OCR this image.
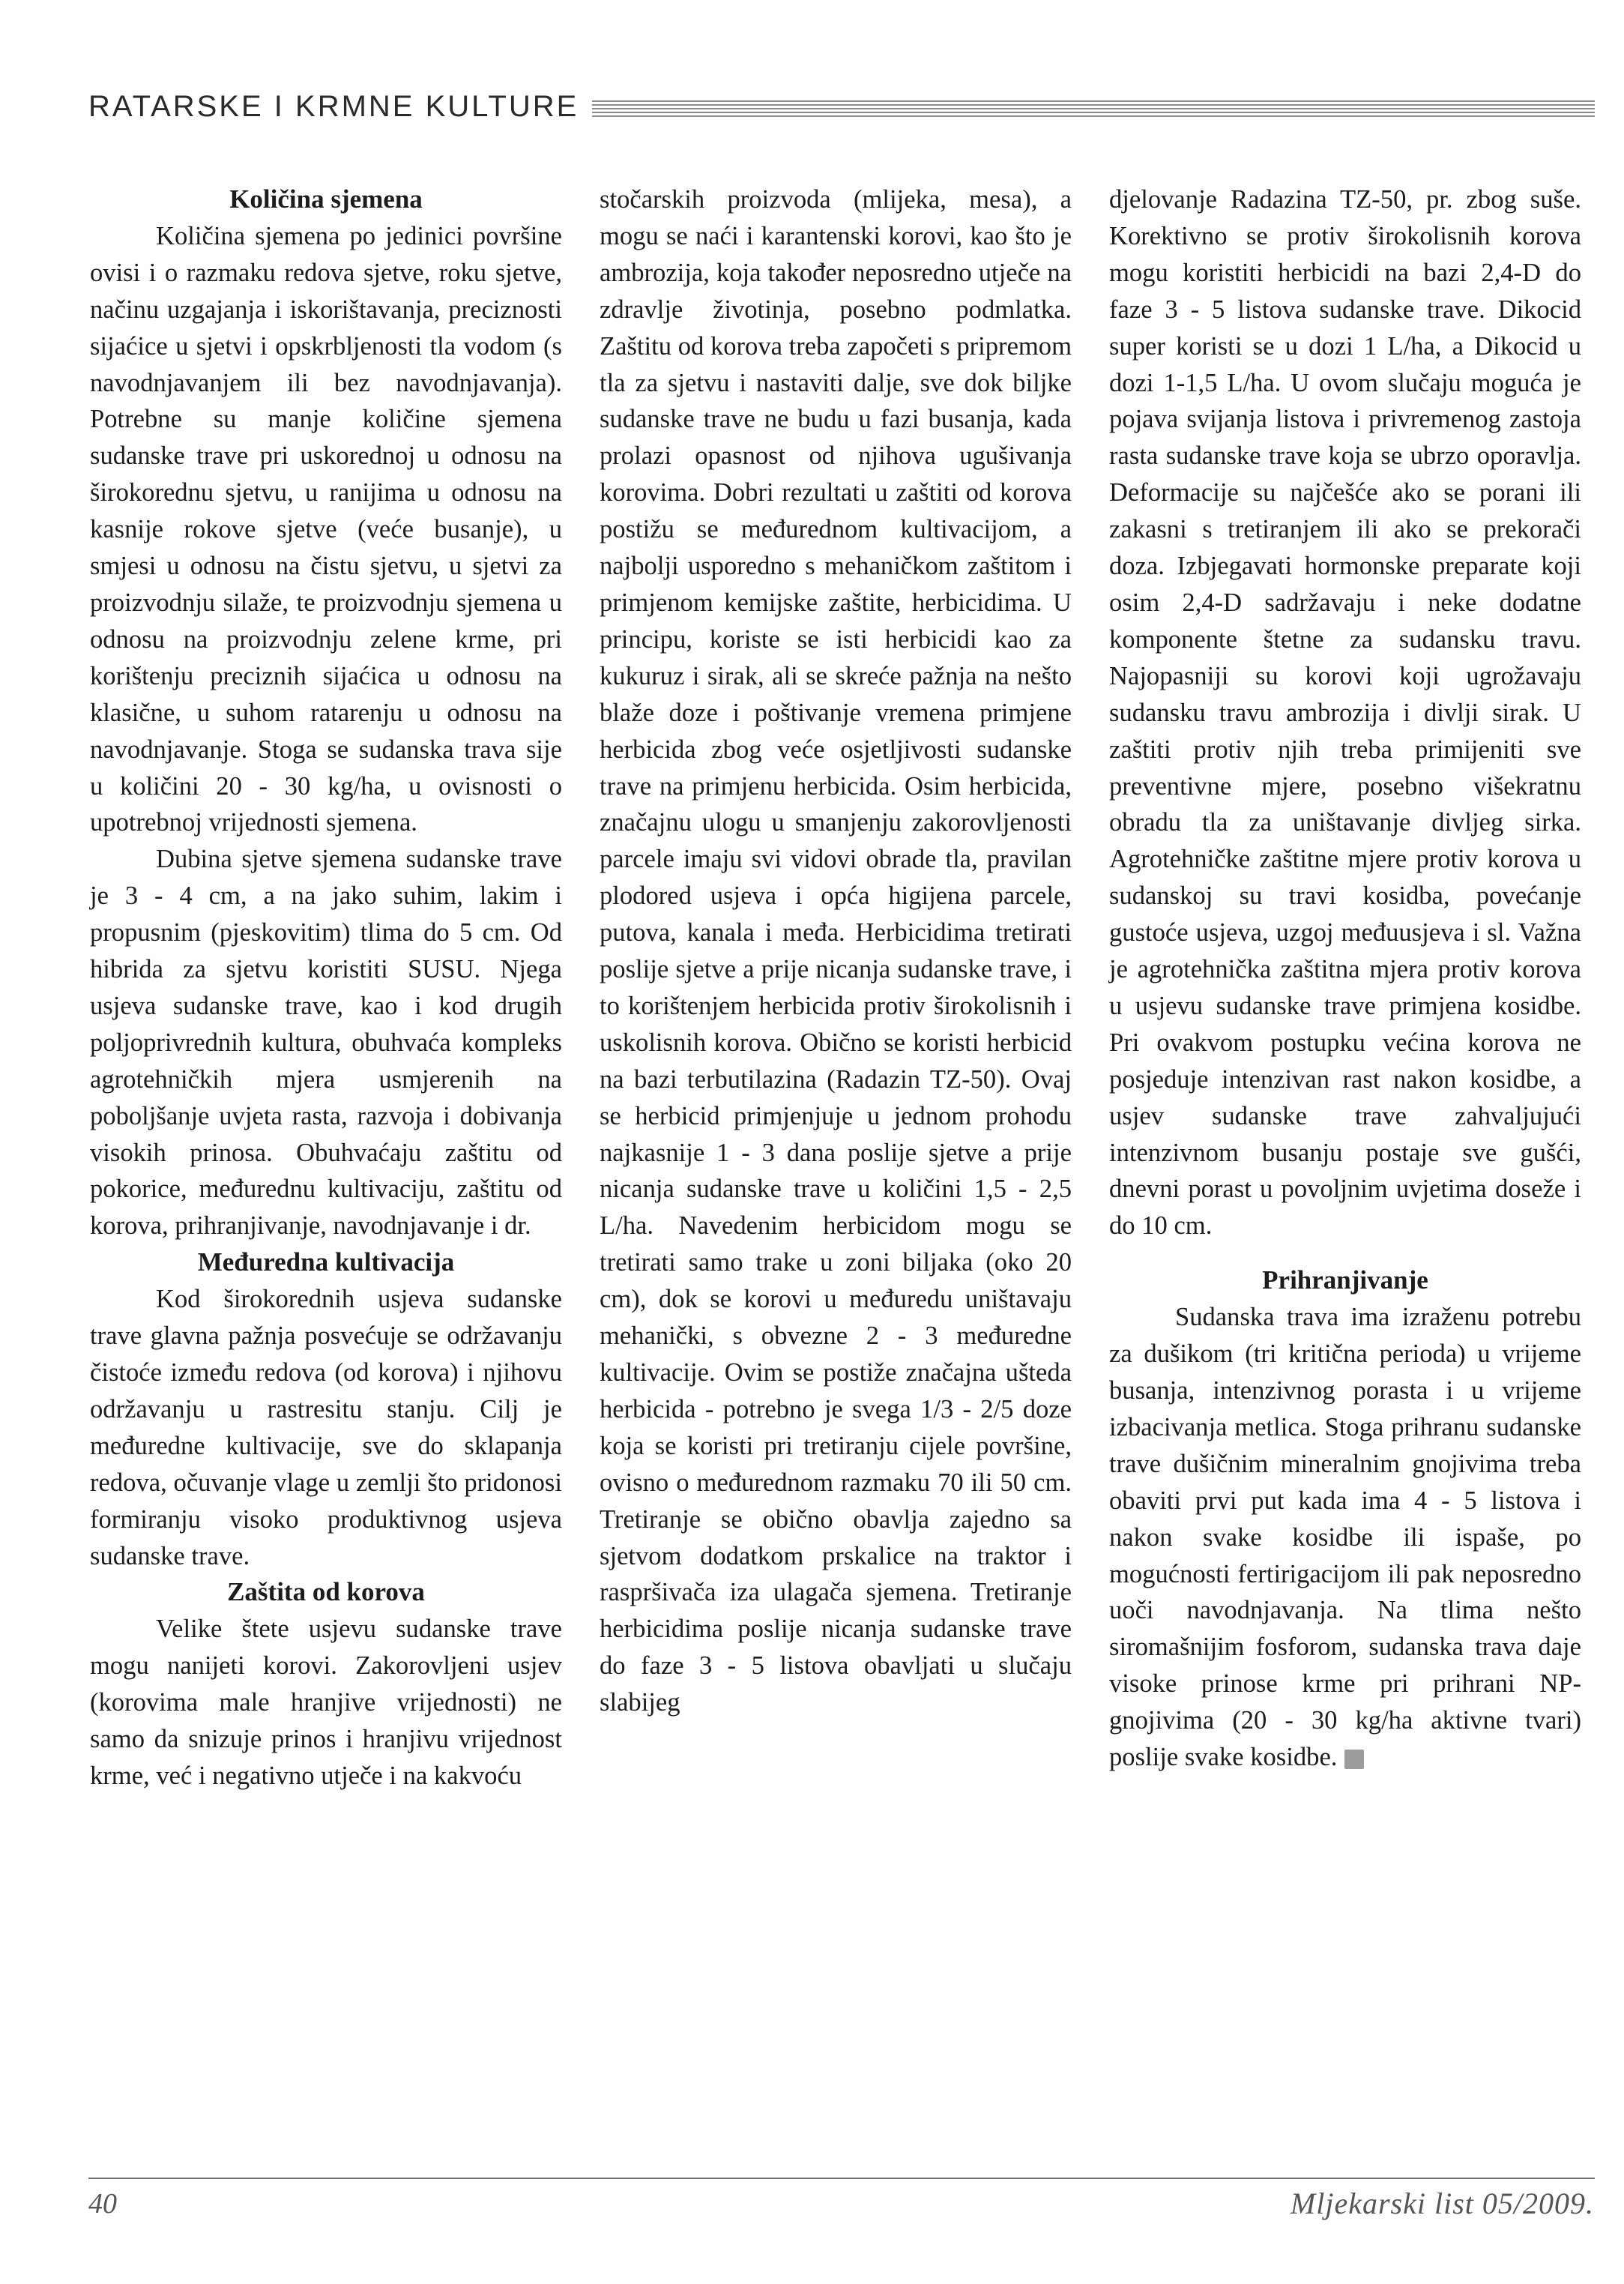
RATARSKE I KRMNE KULTURE
Količina sjemena

Količina sjemena po jedinici površine ovisi i o razmaku redova sjetve, roku sjetve, načinu uzgajanja i iskorištavanja, preciznosti sijaćice u sjetvi i opskrbljenosti tla vodom (s navodnjavanjem ili bez navodnjavanja). Potrebne su manje količine sjemena sudanske trave pri uskorednoj u odnosu na širokorednu sjetvu, u ranijima u odnosu na kasnije rokove sjetve (veće busanje), u smjesi u odnosu na čistu sjetvu, u sjetvi za proizvodnju silaže, te proizvodnju sjemena u odnosu na proizvodnju zelene krme, pri korištenju preciznih sijaćica u odnosu na klasične, u suhom ratarenju u odnosu na navodnjavanje. Stoga se sudanska trava sije u količini 20 - 30 kg/ha, u ovisnosti o upotrebnoj vrijednosti sjemena.

Dubina sjetve sjemena sudanske trave je 3 - 4 cm, a na jako suhim, lakim i propusnim (pjeskovitim) tlima do 5 cm. Od hibrida za sjetvu koristiti SUSU. Njega usjeva sudanske trave, kao i kod drugih poljoprivrednih kultura, obuhvaća kompleks agrotehničkih mjera usmjerenih na poboljšanje uvjeta rasta, razvoja i dobivanja visokih prinosa. Obuhvaćaju zaštitu od pokorice, međurednu kultivaciju, zaštitu od korova, prihranjivanje, navodnjavanje i dr.

Međuredna kultivacija

Kod širokorednih usjeva sudanske trave glavna pažnja posvećuje se održavanju čistoće između redova (od korova) i njihovu održavanju u rastresitu stanju. Cilj je međuredne kultivacije, sve do sklapanja redova, očuvanje vlage u zemlji što pridonosi formiranju visoko produktivnog usjeva sudanske trave.

Zaštita od korova

Velike štete usjevu sudanske trave mogu nanijeti korovi. Zakorovljeni usjev (korovima male hranjive vrijednosti) ne samo da snizuje prinos i hranjivu vrijednost krme, već i negativno utječe i na kakvoću

stočarskih proizvoda (mlijeka, mesa), a mogu se naći i karantenski korovi, kao što je ambrozija, koja također neposredno utječe na zdravlje životinja, posebno podmlatka. Zaštitu od korova treba započeti s pripremom tla za sjetvu i nastaviti dalje, sve dok biljke sudanske trave ne budu u fazi busanja, kada prolazi opasnost od njihova ugušivanja korovima. Dobri rezultati u zaštiti od korova postižu se međurednom kultivacijom, a najbolji usporedno s mehaničkom zaštitom i primjenom kemijske zaštite, herbicidima. U principu, koriste se isti herbicidi kao za kukuruz i sirak, ali se skreće pažnja na nešto blaže doze i poštivanje vremena primjene herbicida zbog veće osjetljivosti sudanske trave na primjenu herbicida. Osim herbicida, značajnu ulogu u smanjenju zakorovljenosti parcele imaju svi vidovi obrade tla, pravilan plodored usjeva i opća higijena parcele, putova, kanala i međa. Herbicidima tretirati poslije sjetve a prije nicanja sudanske trave, i to korištenjem herbicida protiv širokolisnih i uskolisnih korova. Obično se koristi herbicid na bazi terbutilazina (Radazin TZ-50). Ovaj se herbicid primjenjuje u jednom prohodu najkasnije 1 - 3 dana poslije sjetve a prije nicanja sudanske trave u količini 1,5 - 2,5 L/ha. Navedenim herbicidom mogu se tretirati samo trake u zoni biljaka (oko 20 cm), dok se korovi u međuredu uništavaju mehanički, s obvezne 2 - 3 međuredne kultivacije. Ovim se postiže značajna ušteda herbicida - potrebno je svega 1/3 - 2/5 doze koja se koristi pri tretiranju cijele površine, ovisno o međurednom razmaku 70 ili 50 cm. Tretiranje se obično obavlja zajedno sa sjetvom dodatkom prskalice na traktor i raspršivača iza ulagača sjemena. Tretiranje herbicidima poslije nicanja sudanske trave do faze 3 - 5 listova obavljati u slučaju slabijeg

djelovanje Radazina TZ-50, pr. zbog suše. Korektivno se protiv širokolisnih korova mogu koristiti herbicidi na bazi 2,4-D do faze 3 - 5 listova sudanske trave. Dikocid super koristi se u dozi 1 L/ha, a Dikocid u dozi 1-1,5 L/ha. U ovom slučaju moguća je pojava svijanja listova i privremenog zastoja rasta sudanske trave koja se ubrzo oporavlja. Deformacije su najčešće ako se porani ili zakasni s tretiranjem ili ako se prekorači doza. Izbjegavati hormonske preparate koji osim 2,4-D sadržavaju i neke dodatne komponente štetne za sudansku travu. Najopasniji su korovi koji ugrožavaju sudansku travu ambrozija i divlji sirak. U zaštiti protiv njih treba primijeniti sve preventivne mjere, posebno višekratnu obradu tla za uništavanje divljeg sirka. Agrotehničke zaštitne mjere protiv korova u sudanskoj su travi kosidba, povećanje gustoće usjeva, uzgoj međuusjeva i sl. Važna je agrotehnička zaštitna mjera protiv korova u usjevu sudanske trave primjena kosidbe. Pri ovakvom postupku većina korova ne posjeduje intenzivan rast nakon kosidbe, a usjev sudanske trave zahvaljujući intenzivnom busanju postaje sve gušći, dnevni porast u povoljnim uvjetima doseže i do 10 cm.

Prihranjivanje

Sudanska trava ima izraženu potrebu za dušikom (tri kritična perioda) u vrijeme busanja, intenzivnog porasta i u vrijeme izbacivanja metlica. Stoga prihranu sudanske trave dušičnim mineralnim gnojivima treba obaviti prvi put kada ima 4 - 5 listova i nakon svake kosidbe ili ispaše, po mogućnosti fertirigacijom ili pak neposredno uoči navodnjavanja. Na tlima nešto siromašnijim fosforom, sudanska trava daje visoke prinose krme pri prihrani NP-gnojivima (20 - 30 kg/ha aktivne tvari) poslije svake kosidbe.

40	Mljekarski list 05/2009.
